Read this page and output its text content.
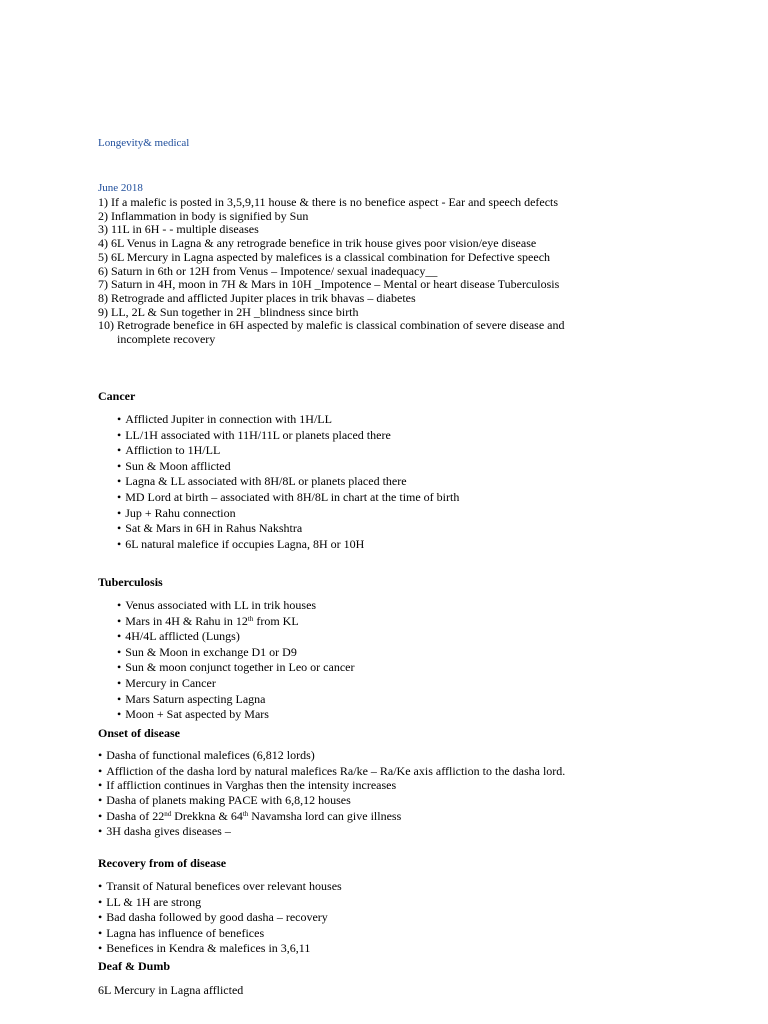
Longevity& medical
June 2018
1) If a malefic is posted in 3,5,9,11 house & there is no benefice aspect - Ear and speech defects
2) Inflammation in body is signified by Sun
3) 11L in 6H - - multiple diseases
4) 6L Venus in Lagna & any retrograde benefice in trik house gives poor vision/eye disease
5) 6L Mercury in Lagna aspected by malefices is a classical combination for Defective speech
6) Saturn in 6th or 12H from Venus – Impotence/ sexual inadequacy__
7) Saturn in 4H, moon in 7H & Mars in 10H _Impotence – Mental or heart disease Tuberculosis
8) Retrograde and afflicted Jupiter places in trik bhavas – diabetes
9) LL, 2L & Sun together in 2H _blindness since birth
10) Retrograde benefice in 6H aspected by malefic is classical combination of severe disease and incomplete recovery
Cancer
• Afflicted Jupiter in connection with 1H/LL
• LL/1H associated with 11H/11L or planets placed there
• Affliction to 1H/LL
• Sun & Moon afflicted
• Lagna & LL associated with 8H/8L or planets placed there
• MD Lord at birth – associated with 8H/8L in chart at the time of birth
• Jup + Rahu connection
• Sat & Mars in 6H in Rahus Nakshtra
• 6L natural malefice if occupies Lagna, 8H or 10H
Tuberculosis
• Venus associated with LL in trik houses
• Mars in 4H & Rahu in 12th from KL
• 4H/4L afflicted (Lungs)
• Sun & Moon in exchange D1 or D9
• Sun & moon conjunct together in Leo or cancer
• Mercury in Cancer
• Mars Saturn aspecting Lagna
• Moon + Sat aspected by Mars
Onset of disease
• Dasha of functional malefices (6,812 lords)
• Affliction of the dasha lord by natural malefices Ra/ke – Ra/Ke axis affliction to the dasha lord.
• If affliction continues in Varghas then the intensity increases
• Dasha of planets making PACE with 6,8,12 houses
• Dasha of 22nd Drekkna & 64th Navamsha lord can give illness
• 3H dasha gives diseases –
Recovery from of disease
• Transit of Natural benefices over relevant houses
• LL & 1H are strong
• Bad dasha followed by good dasha – recovery
• Lagna has influence of benefices
• Benefices in Kendra & malefices in 3,6,11
Deaf & Dumb
6L Mercury in Lagna afflicted
